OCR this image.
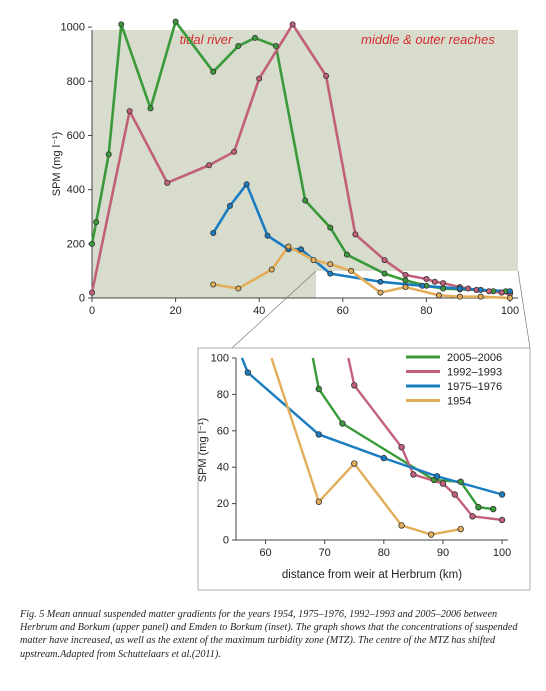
0
200
400
600
800
1000
0	20	40	60	80	100
SPM (mg l⁻¹)
tidal river	middle & outer reaches
0
20
40
60
80
100
60	70	80	90	100
SPM (mg l⁻¹)
distance from weir at Herbrum (km)
2005–2006
1992–1993
1975–1976
1954

Fig. 5 Mean annual suspended matter gradients for the years 1954, 1975–1976, 1992–1993 and 2005–2006 between Herbrum and Borkum (upper panel) and Emden to Borkum (inset). The graph shows that the concentrations of suspended matter have increased, as well as the extent of the maximum turbidity zone (MTZ). The centre of the MTZ has shifted upstream.Adapted from Schuttelaars et al.(2011).
